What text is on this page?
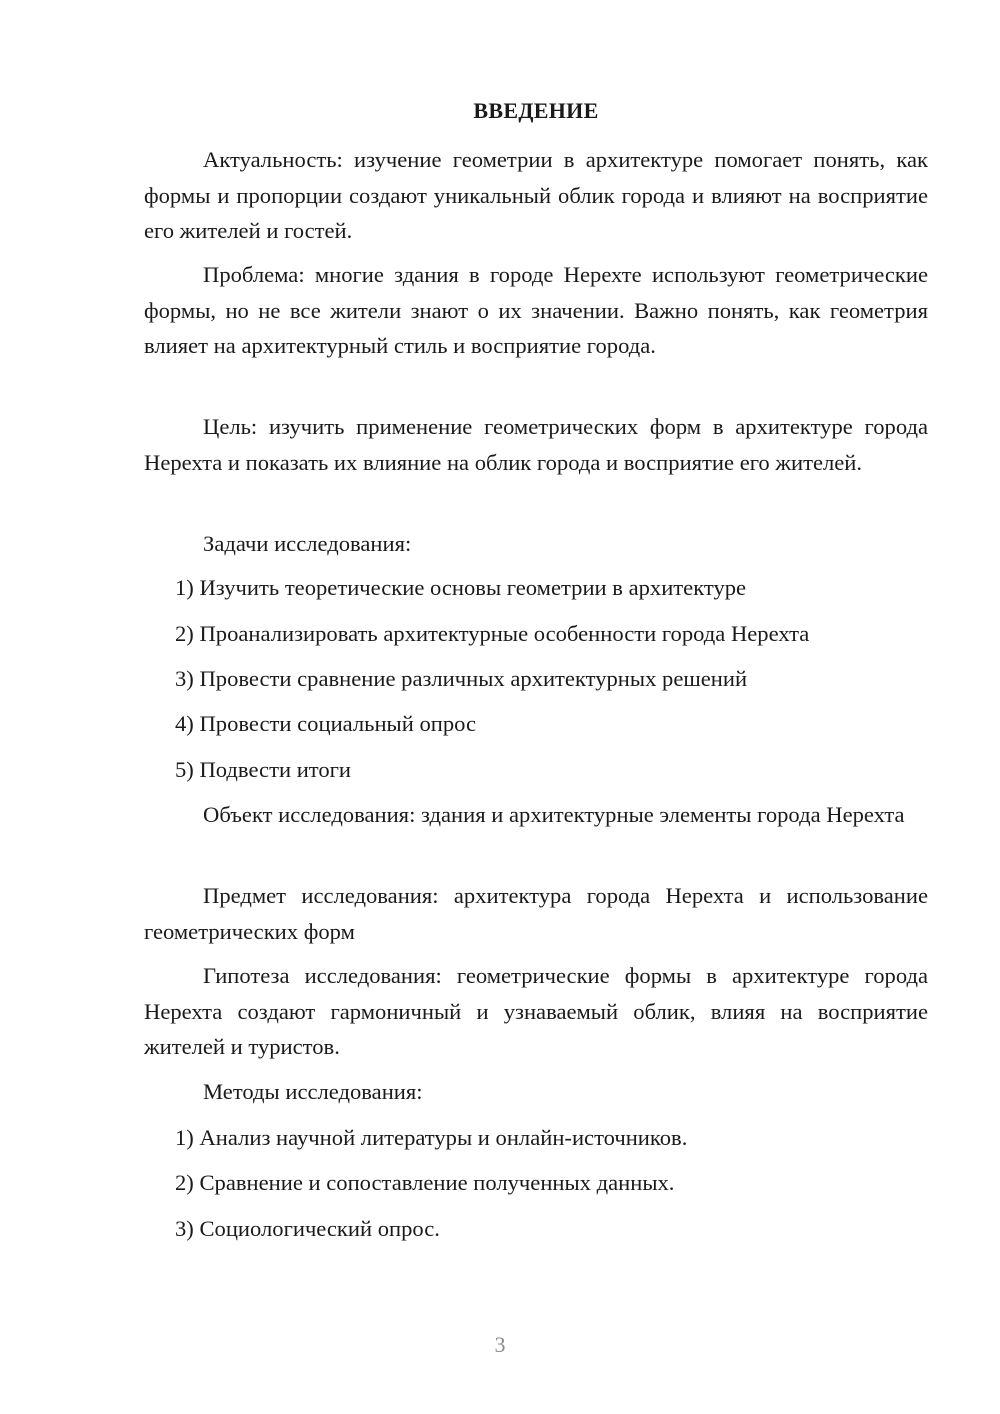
ВВЕДЕНИЕ

Актуальность: изучение геометрии в архитектуре помогает понять, как формы и пропорции создают уникальный облик города и влияют на восприятие его жителей и гостей.

Проблема: многие здания в городе Нерехте используют геометрические формы, но не все жители знают о их значении. Важно понять, как геометрия влияет на архитектурный стиль и восприятие города.

Цель: изучить применение геометрических форм в архитектуре города Нерехта и показать их влияние на облик города и восприятие его жителей.

Задачи исследования:
1) Изучить теоретические основы геометрии в архитектуре
2) Проанализировать архитектурные особенности города Нерехта
3) Провести сравнение различных архитектурных решений
4) Провести социальный опрос
5) Подвести итоги

Объект исследования: здания и архитектурные элементы города Нерехта

Предмет исследования: архитектура города Нерехта и использование геометрических форм

Гипотеза исследования: геометрические формы в архитектуре города Нерехта создают гармоничный и узнаваемый облик, влияя на восприятие жителей и туристов.

Методы исследования:
1) Анализ научной литературы и онлайн-источников.
2) Сравнение и сопоставление полученных данных.
3) Социологический опрос.
3
